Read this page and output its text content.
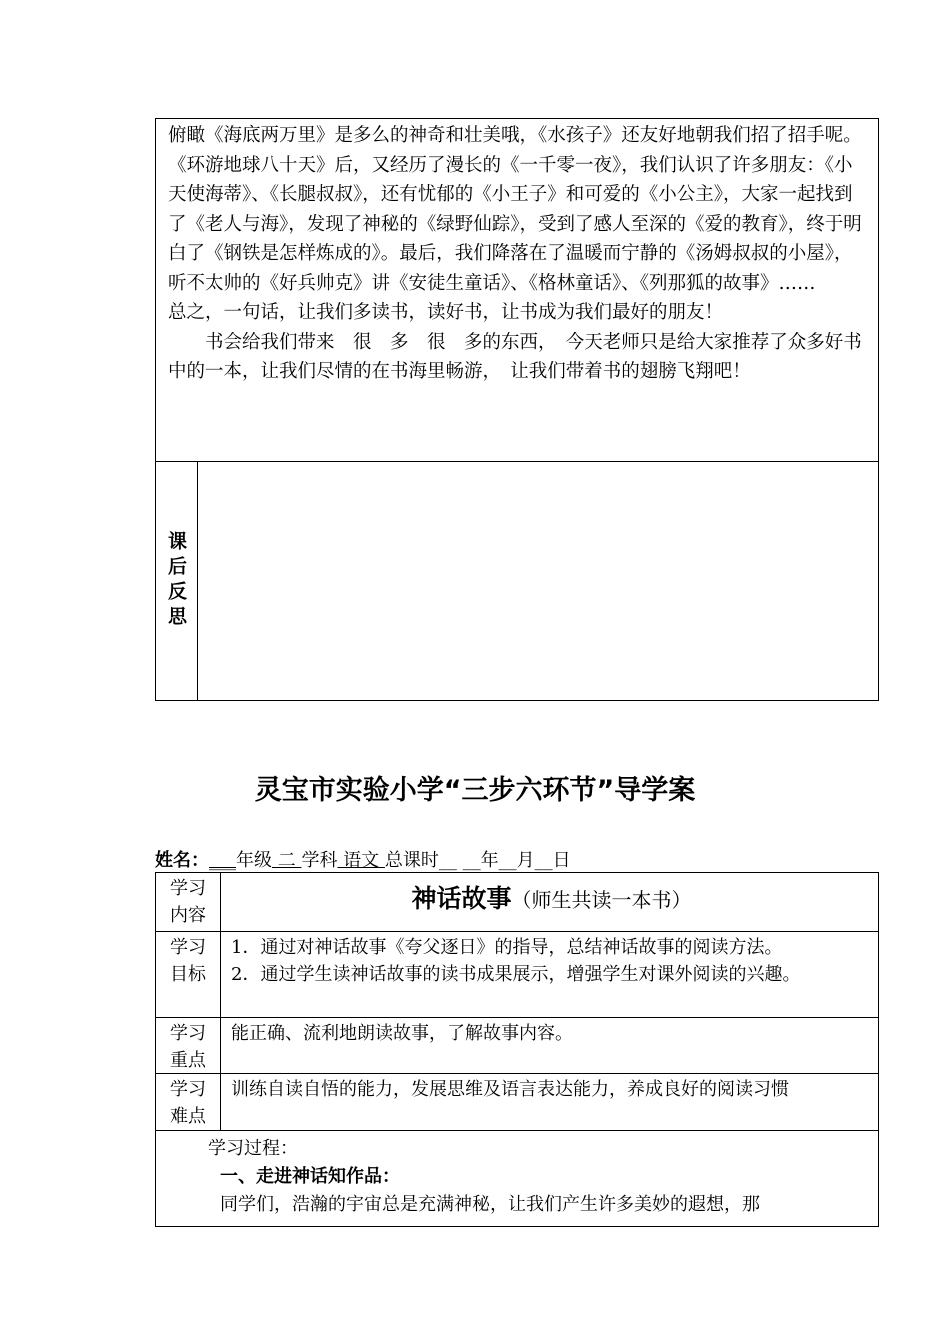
俯瞰《海底两万里》是多么的神奇和壮美哦，《水孩子》还友好地朝我们招了招手呢。《环游地球八十天》后，又经历了漫长的《一千零一夜》，我们认识了许多朋友：《小天使海蒂》、《长腿叔叔》，还有忧郁的《小王子》和可爱的《小公主》，大家一起找到了《老人与海》，发现了神秘的《绿野仙踪》，受到了感人至深的《爱的教育》，终于明白了《钢铁是怎样炼成的》。最后，我们降落在了温暖而宁静的《汤姆叔叔的小屋》，听不太帅的《好兵帅克》讲《安徒生童话》、《格林童话》、《列那狐的故事》……

总之，一句话，让我们多读书，读好书，让书成为我们最好的朋友！

书会给我们带来　很　多　很　多的东西，　今天老师只是给大家推荐了众多好书中的一本，让我们尽情的在书海里畅游，　让我们带着书的翅膀飞翔吧！

课后反思
灵宝市实验小学“三步六环节”导学案
姓名：___年级 二 学科 语文 总课时__ __年__月__日
学习
内容
神话故事（师生共读一本书）
学习
目标

1．通过对神话故事《夸父逐日》的指导，总结神话故事的阅读方法。

2．通过学生读神话故事的读书成果展示，增强学生对课外阅读的兴趣。

学习
重点
能正确、流利地朗读故事，了解故事内容。
学习
难点
训练自读自悟的能力，发展思维及语言表达能力，养成良好的阅读习惯

学习过程：

一、走进神话知作品：

同学们，浩瀚的宇宙总是充满神秘，让我们产生许多美妙的遐想，那
